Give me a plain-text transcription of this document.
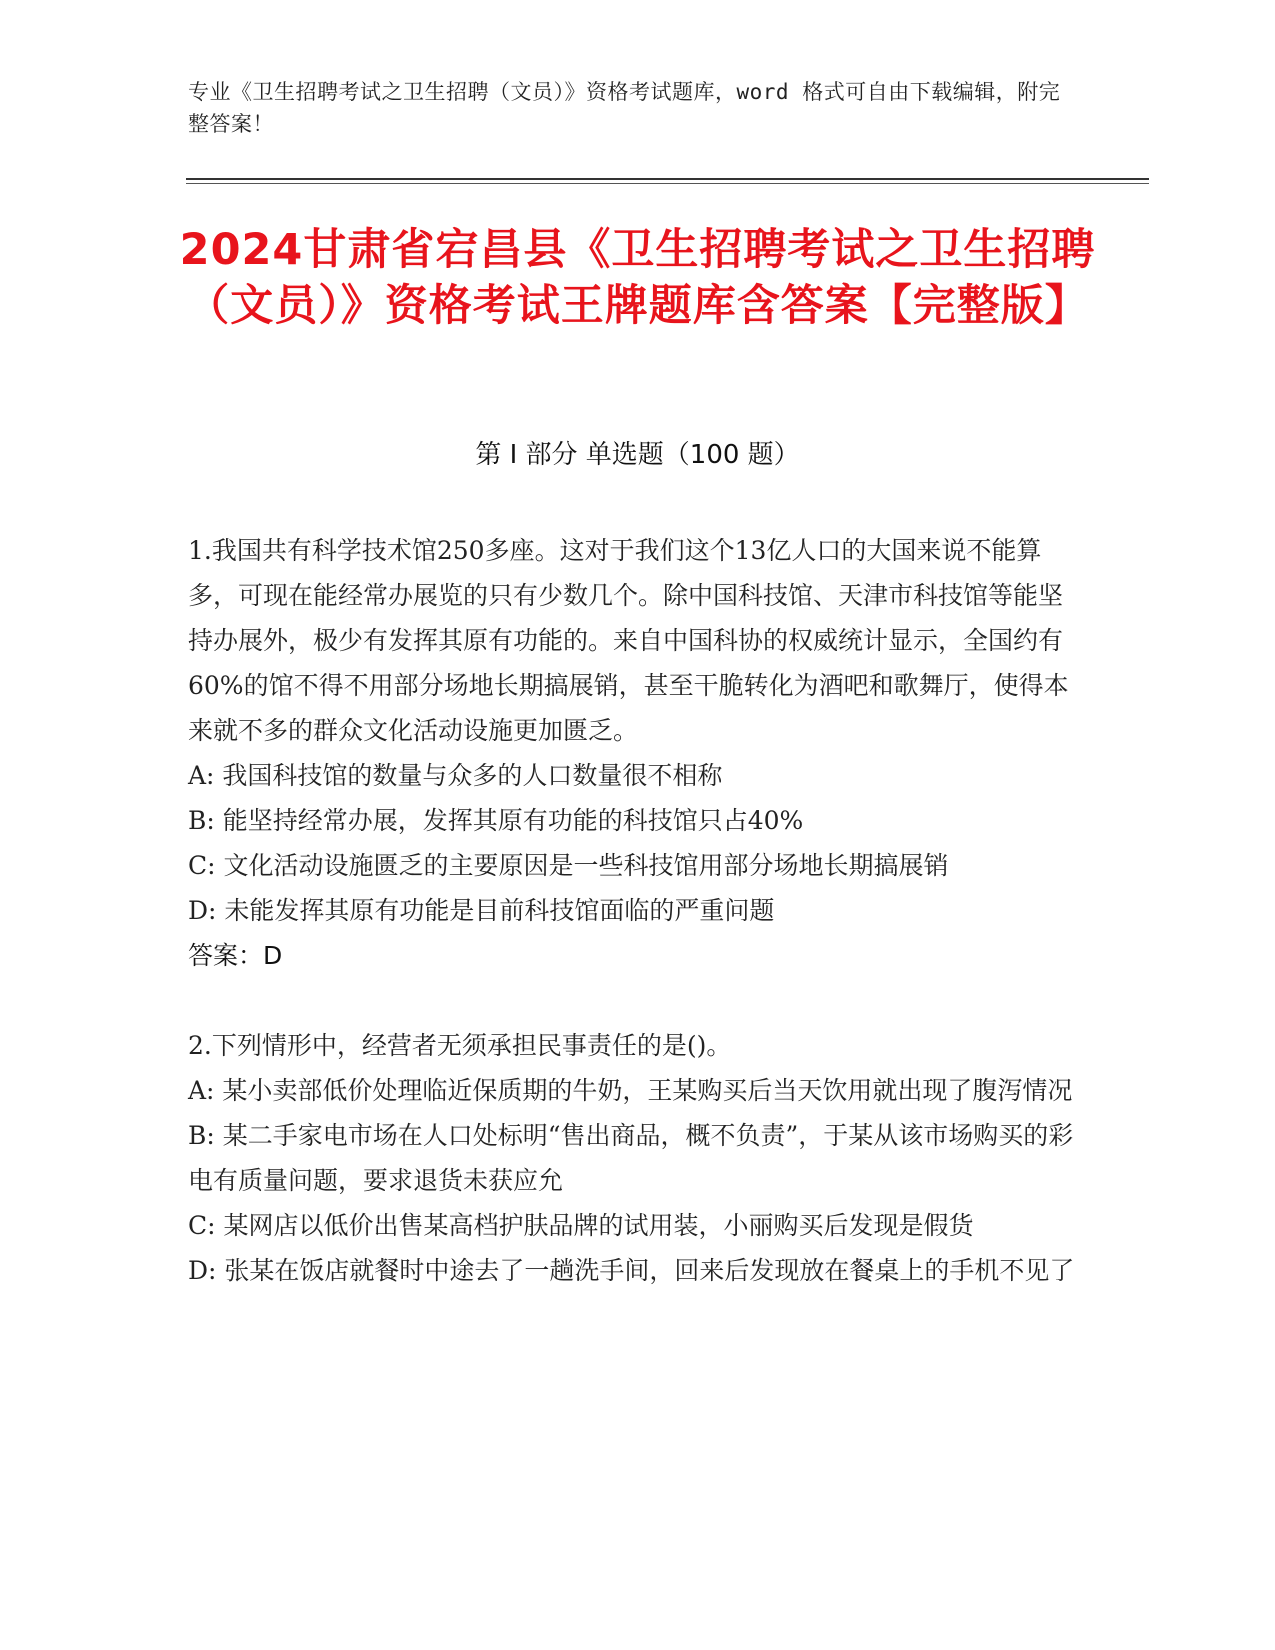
专业《卫生招聘考试之卫生招聘（文员）》资格考试题库，word 格式可自由下载编辑，附完整答案！
2024甘肃省宕昌县《卫生招聘考试之卫生招聘（文员）》资格考试王牌题库含答案【完整版】
第 I 部分 单选题（100 题）

1.我国共有科学技术馆250多座。这对于我们这个13亿人口的大国来说不能算多，可现在能经常办展览的只有少数几个。除中国科技馆、天津市科技馆等能坚持办展外，极少有发挥其原有功能的。来自中国科协的权威统计显示，全国约有60%的馆不得不用部分场地长期搞展销，甚至干脆转化为酒吧和歌舞厅，使得本来就不多的群众文化活动设施更加匮乏。

A: 我国科技馆的数量与众多的人口数量很不相称

B: 能坚持经常办展，发挥其原有功能的科技馆只占40%

C: 文化活动设施匮乏的主要原因是一些科技馆用部分场地长期搞展销

D: 未能发挥其原有功能是目前科技馆面临的严重问题

答案：D

2.下列情形中，经营者无须承担民事责任的是()。

A: 某小卖部低价处理临近保质期的牛奶，王某购买后当天饮用就出现了腹泻情况

B: 某二手家电市场在人口处标明“售出商品，概不负责”，于某从该市场购买的彩电有质量问题，要求退货未获应允

C: 某网店以低价出售某高档护肤品牌的试用装，小丽购买后发现是假货

D: 张某在饭店就餐时中途去了一趟洗手间，回来后发现放在餐桌上的手机不见了
